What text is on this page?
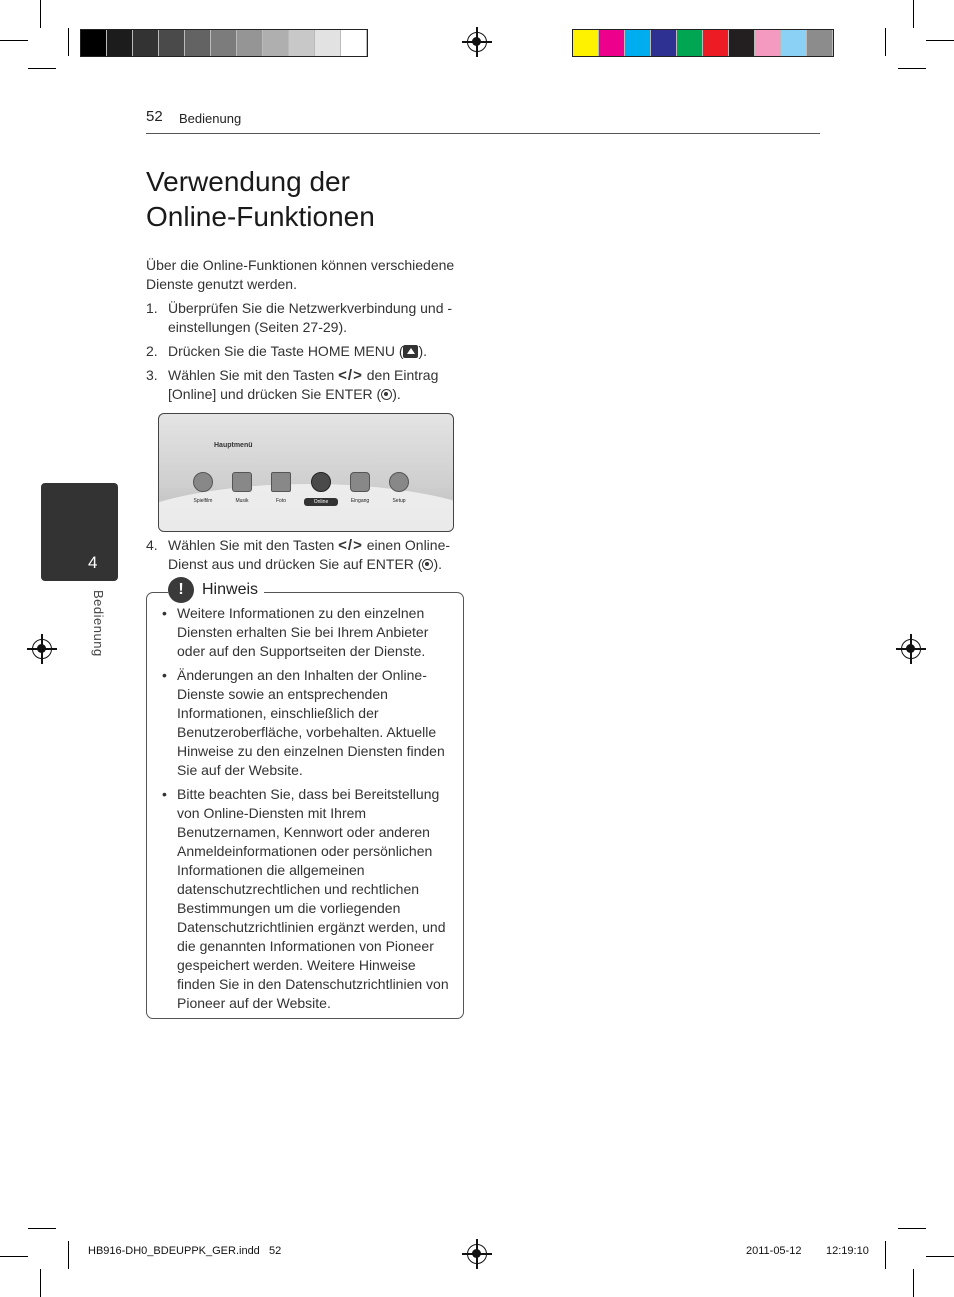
52 Bedienung
Verwendung der
Online-Funktionen
Über die Online-Funktionen können verschiedene Dienste genutzt werden.
1. Überprüfen Sie die Netzwerkverbindung und -einstellungen (Seiten 27-29).
2. Drücken Sie die Taste HOME MENU ( ).
3. Wählen Sie mit den Tasten </> den Eintrag [Online] und drücken Sie ENTER ( ).
Hauptmenü
Spielfilm	Musik	Foto	Online	Eingang	Setup
4. Wählen Sie mit den Tasten </> einen Online-Dienst aus und drücken Sie auf ENTER ( ).
!	Hinweis
• Weitere Informationen zu den einzelnen Diensten erhalten Sie bei Ihrem Anbieter oder auf den Supportseiten der Dienste.
• Änderungen an den Inhalten der Online-Dienste sowie an entsprechenden Informationen, einschließlich der Benutzeroberfläche, vorbehalten. Aktuelle Hinweise zu den einzelnen Diensten finden Sie auf der Website.
• Bitte beachten Sie, dass bei Bereitstellung von Online-Diensten mit Ihrem Benutzernamen, Kennwort oder anderen Anmeldeinformationen oder persönlichen Informationen die allgemeinen datenschutzrechtlichen und rechtlichen Bestimmungen um die vorliegenden Datenschutzrichtlinien ergänzt werden, und die genannten Informationen von Pioneer gespeichert werden. Weitere Hinweise finden Sie in den Datenschutzrichtlinien von Pioneer auf der Website.
4
Bedienung
HB916-DH0_BDEUPPK_GER.indd   52	2011-05-12 12:19:10
